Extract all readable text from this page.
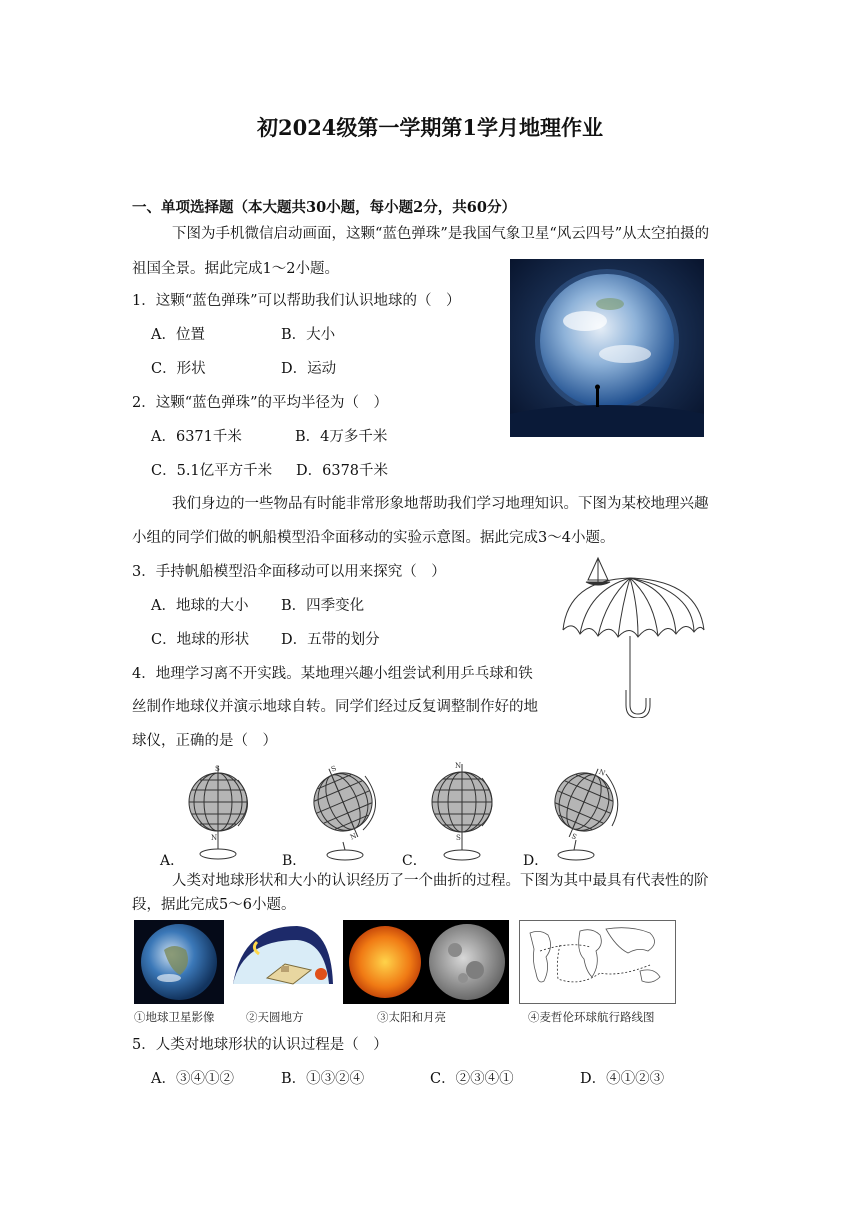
初2024级第一学期第1学月地理作业
一、单项选择题（本大题共30小题，每小题2分，共60分）
下图为手机微信启动画面，这颗“蓝色弹珠”是我国气象卫星“风云四号”从太空拍摄的
祖国全景。据此完成1～2小题。
1．这颗“蓝色弹珠”可以帮助我们认识地球的（　）
A．位置	B．大小
C．形状	D．运动
2．这颗“蓝色弹珠”的平均半径为（　）
A．6371千米	B．4万多千米
C．5.1亿平方千米 D．6378千米
我们身边的一些物品有时能非常形象地帮助我们学习地理知识。下图为某校地理兴趣
小组的同学们做的帆船模型沿伞面移动的实验示意图。据此完成3～4小题。
3．手持帆船模型沿伞面移动可以用来探究（　）
A．地球的大小 B．四季变化
C．地球的形状 D．五带的划分
4．地理学习离不开实践。某地理兴趣小组尝试利用乒乓球和铁
丝制作地球仪并演示地球自转。同学们经过反复调整制作好的地
球仪，正确的是（　）
A．
S
N
B．
S
N
C．
N
S
D．
N
S
人类对地球形状和大小的认识经历了一个曲折的过程。下图为其中最具有代表性的阶
段，据此完成5～6小题。
①地球卫星影像	②天圆地方	③太阳和月亮	④麦哲伦环球航行路线图
5．人类对地球形状的认识过程是（　）
A．③④①②	B．①③②④	C．②③④①	D．④①②③
